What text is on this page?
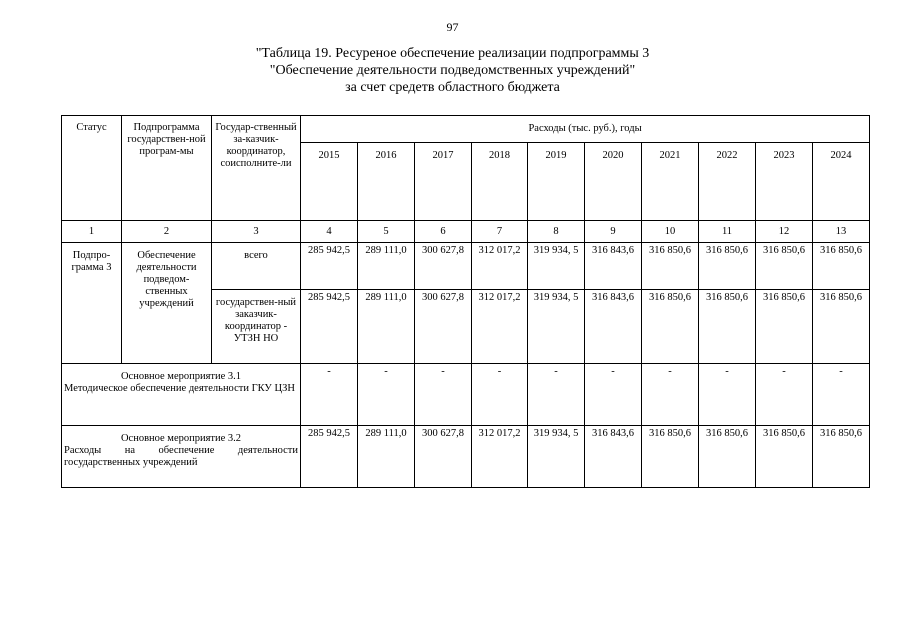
97
"Таблица 19. Ресуреное обеспечение реализации подпрограммы 3
"Обеспечение деятельности подведомственных учреждений"
за счет средетв областного бюджета
Статус	Подпрограмма государствен-ной програм-мы	Государ-ственный за-казчик-координатор, соисполните-ли	Расходы (тыс. руб.), годы									
			2015	2016	2017	2018	2019	2020	2021	2022	2023	2024
1	2	3	4	5	6	7	8	9	10	11	12	13
Подпро-грамма 3	Обеспечение деятельности подведом-ственных учреждений	всего	285 942,5	289 111,0	300 627,8	312 017,2	319 934, 5	316 843,6	316 850,6	316 850,6	316 850,6	316 850,6
		государствен-ный заказчик-координатор - УТЗН НО	285 942,5	289 111,0	300 627,8	312 017,2	319 934, 5	316 843,6	316 850,6	316 850,6	316 850,6	316 850,6

Основное мероприятие 3.1
Методическое обеспечение деятельности ГКУ ЦЗН			-	-	-	-	-	-	-	-	-	-

Основное мероприятие 3.2
Расходы на обеспечение деятельности государственных учреждений			285 942,5	289 111,0	300 627,8	312 017,2	319 934, 5	316 843,6	316 850,6	316 850,6	316 850,6	316 850,6
